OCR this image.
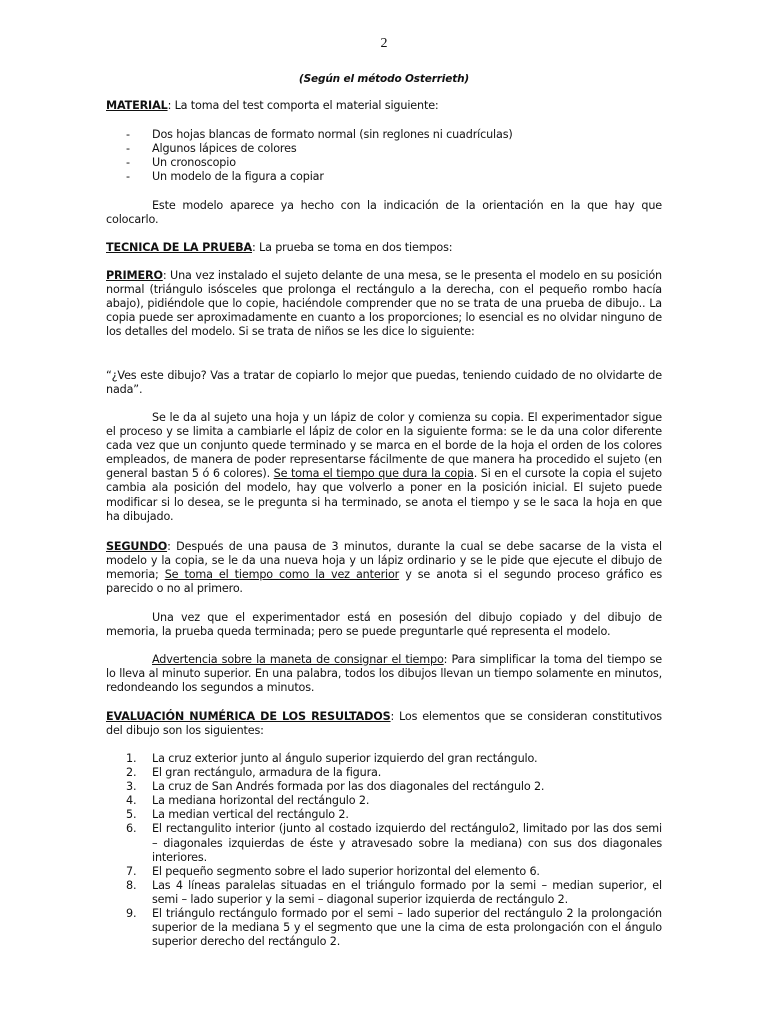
2
(Según el método Osterrieth)
MATERIAL: La toma del test comporta el material siguiente:
- Dos hojas blancas de formato normal (sin reglones ni cuadrículas)
- Algunos lápices de colores
- Un cronoscopio
- Un modelo de la figura a copiar
Este modelo aparece ya hecho con la indicación de la orientación en la que hay que colocarlo.
TECNICA DE LA PRUEBA: La prueba se toma en dos tiempos:
PRIMERO: Una vez instalado el sujeto delante de una mesa, se le presenta el modelo en su posición normal (triángulo isósceles que prolonga el rectángulo a la derecha, con el pequeño rombo hacía abajo), pidiéndole que lo copie, haciéndole comprender que no se trata de una prueba de dibujo.. La copia puede ser aproximadamente en cuanto a los proporciones; lo esencial es no olvidar ninguno de los detalles del modelo. Si se trata de niños se les dice lo siguiente:
“¿Ves este dibujo? Vas a tratar de copiarlo lo mejor que puedas, teniendo cuidado de no olvidarte de nada”.
Se le da al sujeto una hoja y un lápiz de color y comienza su copia. El experimentador sigue el proceso y se limita a cambiarle el lápiz de color en la siguiente forma: se le da una color diferente cada vez que un conjunto quede terminado y se marca en el borde de la hoja el orden de los colores empleados, de manera de poder representarse fácilmente de que manera ha procedido el sujeto (en general bastan 5 ó 6 colores). Se toma el tiempo que dura la copia. Si en el cursote la copia el sujeto cambia ala posición del modelo, hay que volverlo a poner en la posición inicial. El sujeto puede modificar si lo desea, se le pregunta si ha terminado, se anota el tiempo y se le saca la hoja en que ha dibujado.
SEGUNDO: Después de una pausa de 3 minutos, durante la cual se debe sacarse de la vista el modelo y la copia, se le da una nueva hoja y un lápiz ordinario y se le pide que ejecute el dibujo de memoria; Se toma el tiempo como la vez anterior y se anota si el segundo proceso gráfico es parecido o no al primero.
Una vez que el experimentador está en posesión del dibujo copiado y del dibujo de memoria, la prueba queda terminada; pero se puede preguntarle qué representa el modelo.
Advertencia sobre la maneta de consignar el tiempo: Para simplificar la toma del tiempo se lo lleva al minuto superior. En una palabra, todos los dibujos llevan un tiempo solamente en minutos, redondeando los segundos a minutos.
EVALUACIÓN NUMÉRICA DE LOS RESULTADOS: Los elementos que se consideran constitutivos del dibujo son los siguientes:
1. La cruz exterior junto al ángulo superior izquierdo del gran rectángulo.
2. El gran rectángulo, armadura de la figura.
3. La cruz de San Andrés formada por las dos diagonales del rectángulo 2.
4. La mediana horizontal del rectángulo 2.
5. La median vertical del rectángulo 2.
6. El rectangulito interior (junto al costado izquierdo del rectángulo2, limitado por las dos semi – diagonales izquierdas de éste y atravesado sobre la mediana) con sus dos diagonales interiores.
7. El pequeño segmento sobre el lado superior horizontal del elemento 6.
8. Las 4 líneas paralelas situadas en el triángulo formado por la semi – median superior, el semi – lado superior y la semi – diagonal superior izquierda de rectángulo 2.
9. El triángulo rectángulo formado por el semi – lado superior del rectángulo 2 la prolongación superior de la mediana 5 y el segmento que une la cima de esta prolongación con el ángulo superior derecho del rectángulo 2.
